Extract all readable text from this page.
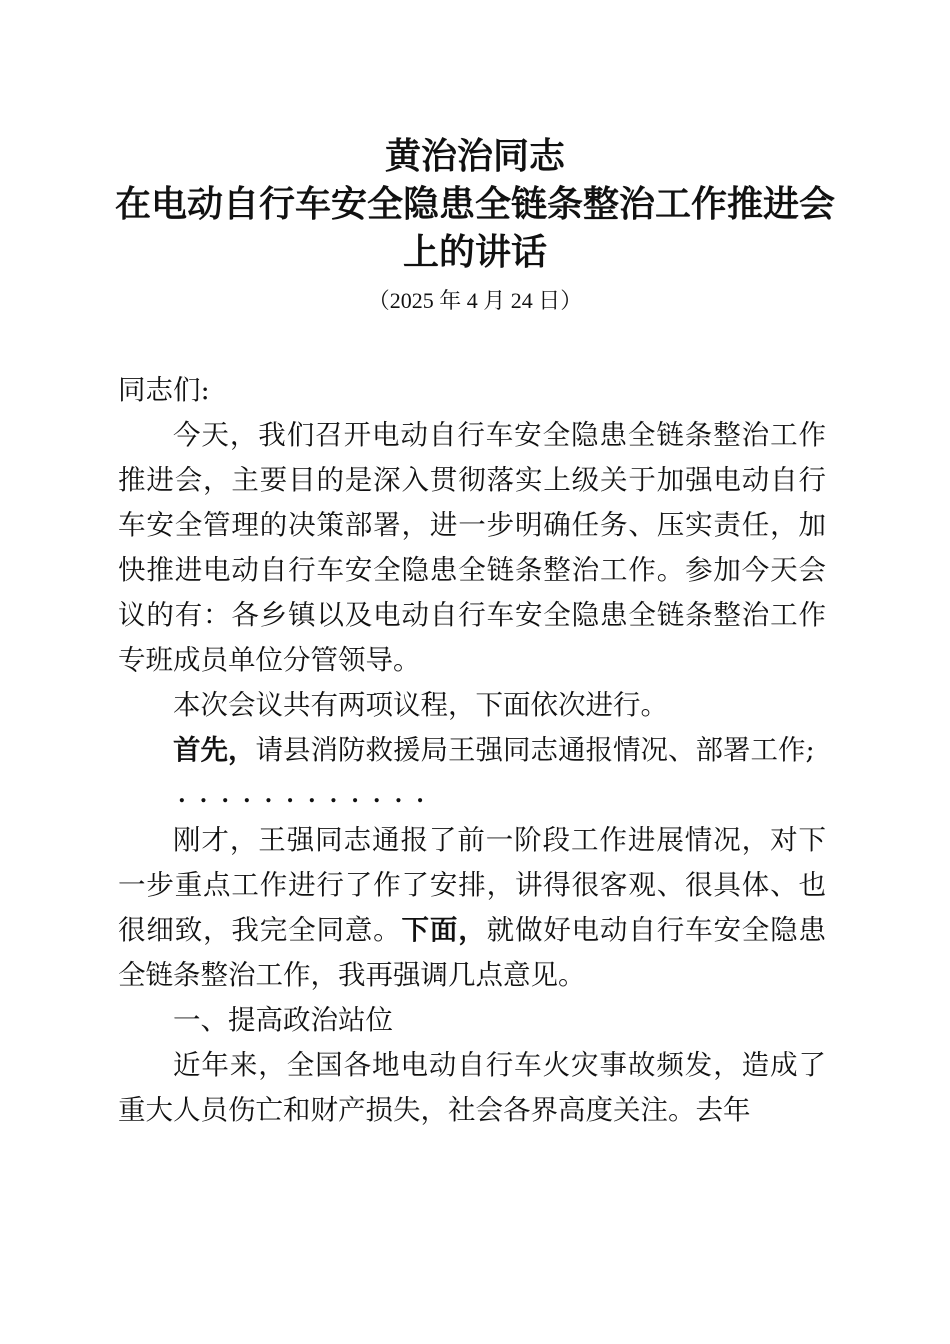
黄治治同志
在电动自行车安全隐患全链条整治工作推进会
上的讲话
（2025 年 4 月 24 日）

同志们:

今天，我们召开电动自行车安全隐患全链条整治工作推进会，主要目的是深入贯彻落实上级关于加强电动自行车安全管理的决策部署，进一步明确任务、压实责任，加快推进电动自行车安全隐患全链条整治工作。参加今天会议的有：各乡镇以及电动自行车安全隐患全链条整治工作专班成员单位分管领导。

本次会议共有两项议程，下面依次进行。

首先，请县消防救援局王强同志通报情况、部署工作;

............

刚才，王强同志通报了前一阶段工作进展情况，对下一步重点工作进行了作了安排，讲得很客观、很具体、也很细致，我完全同意。下面，就做好电动自行车安全隐患全链条整治工作，我再强调几点意见。

一、提高政治站位

近年来，全国各地电动自行车火灾事故频发，造成了重大人员伤亡和财产损失，社会各界高度关注。去年
